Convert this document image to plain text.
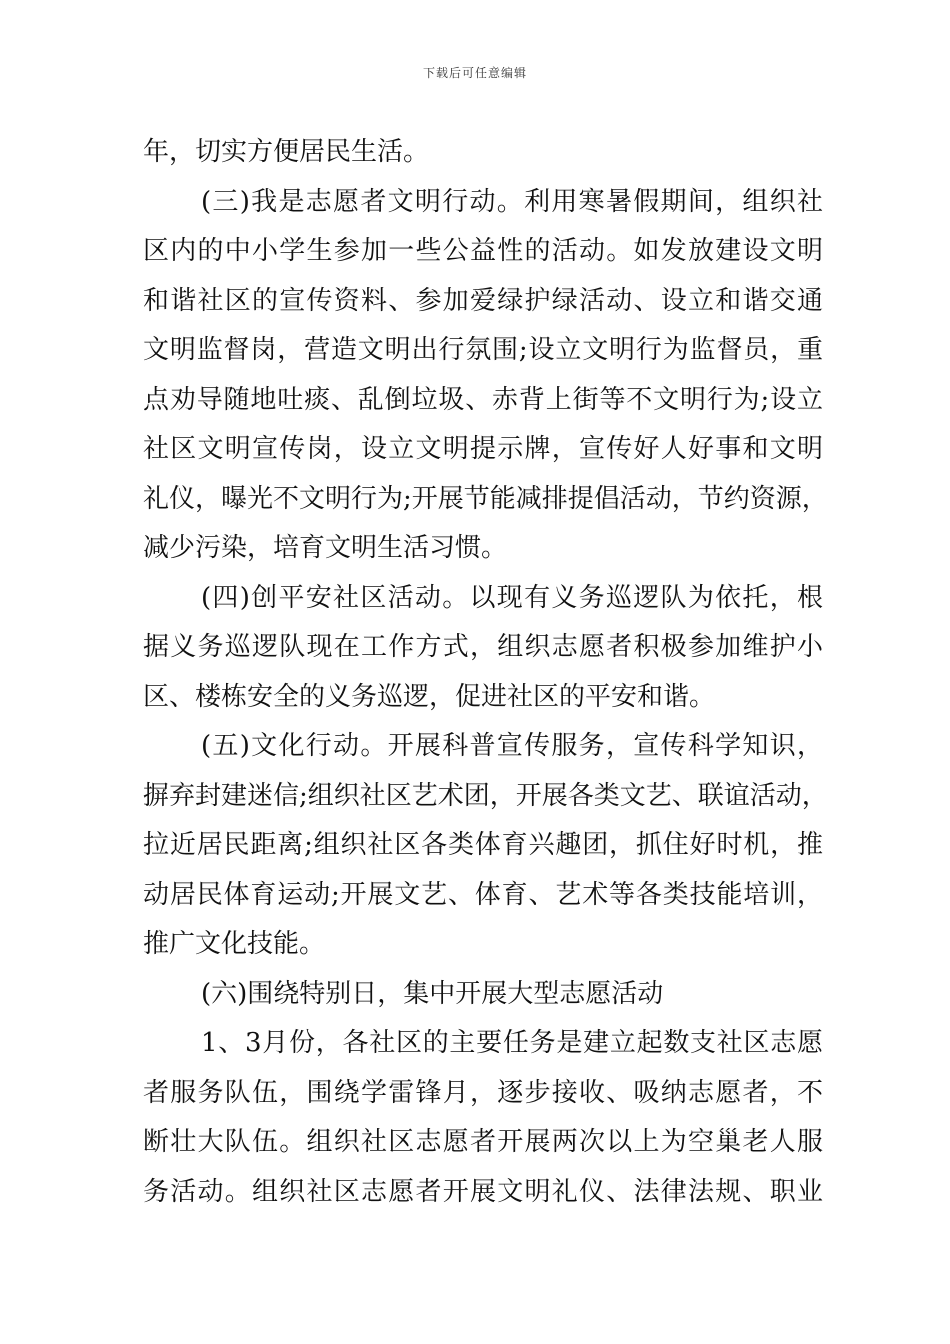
下载后可任意编辑
年，切实方便居民生活。
(三)我是志愿者文明行动。利用寒暑假期间，组织社
区内的中小学生参加一些公益性的活动。如发放建设文明
和谐社区的宣传资料、参加爱绿护绿活动、设立和谐交通
文明监督岗，营造文明出行氛围;设立文明行为监督员，重
点劝导随地吐痰、乱倒垃圾、赤背上街等不文明行为;设立
社区文明宣传岗，设立文明提示牌，宣传好人好事和文明
礼仪，曝光不文明行为;开展节能减排提倡活动，节约资源，
减少污染，培育文明生活习惯。
(四)创平安社区活动。以现有义务巡逻队为依托，根
据义务巡逻队现在工作方式，组织志愿者积极参加维护小
区、楼栋安全的义务巡逻，促进社区的平安和谐。
(五)文化行动。开展科普宣传服务，宣传科学知识，
摒弃封建迷信;组织社区艺术团，开展各类文艺、联谊活动，
拉近居民距离;组织社区各类体育兴趣团，抓住好时机，推
动居民体育运动;开展文艺、体育、艺术等各类技能培训，
推广文化技能。
(六)围绕特别日，集中开展大型志愿活动
1、3月份，各社区的主要任务是建立起数支社区志愿
者服务队伍，围绕学雷锋月，逐步接收、吸纳志愿者，不
断壮大队伍。组织社区志愿者开展两次以上为空巢老人服
务活动。组织社区志愿者开展文明礼仪、法律法规、职业
